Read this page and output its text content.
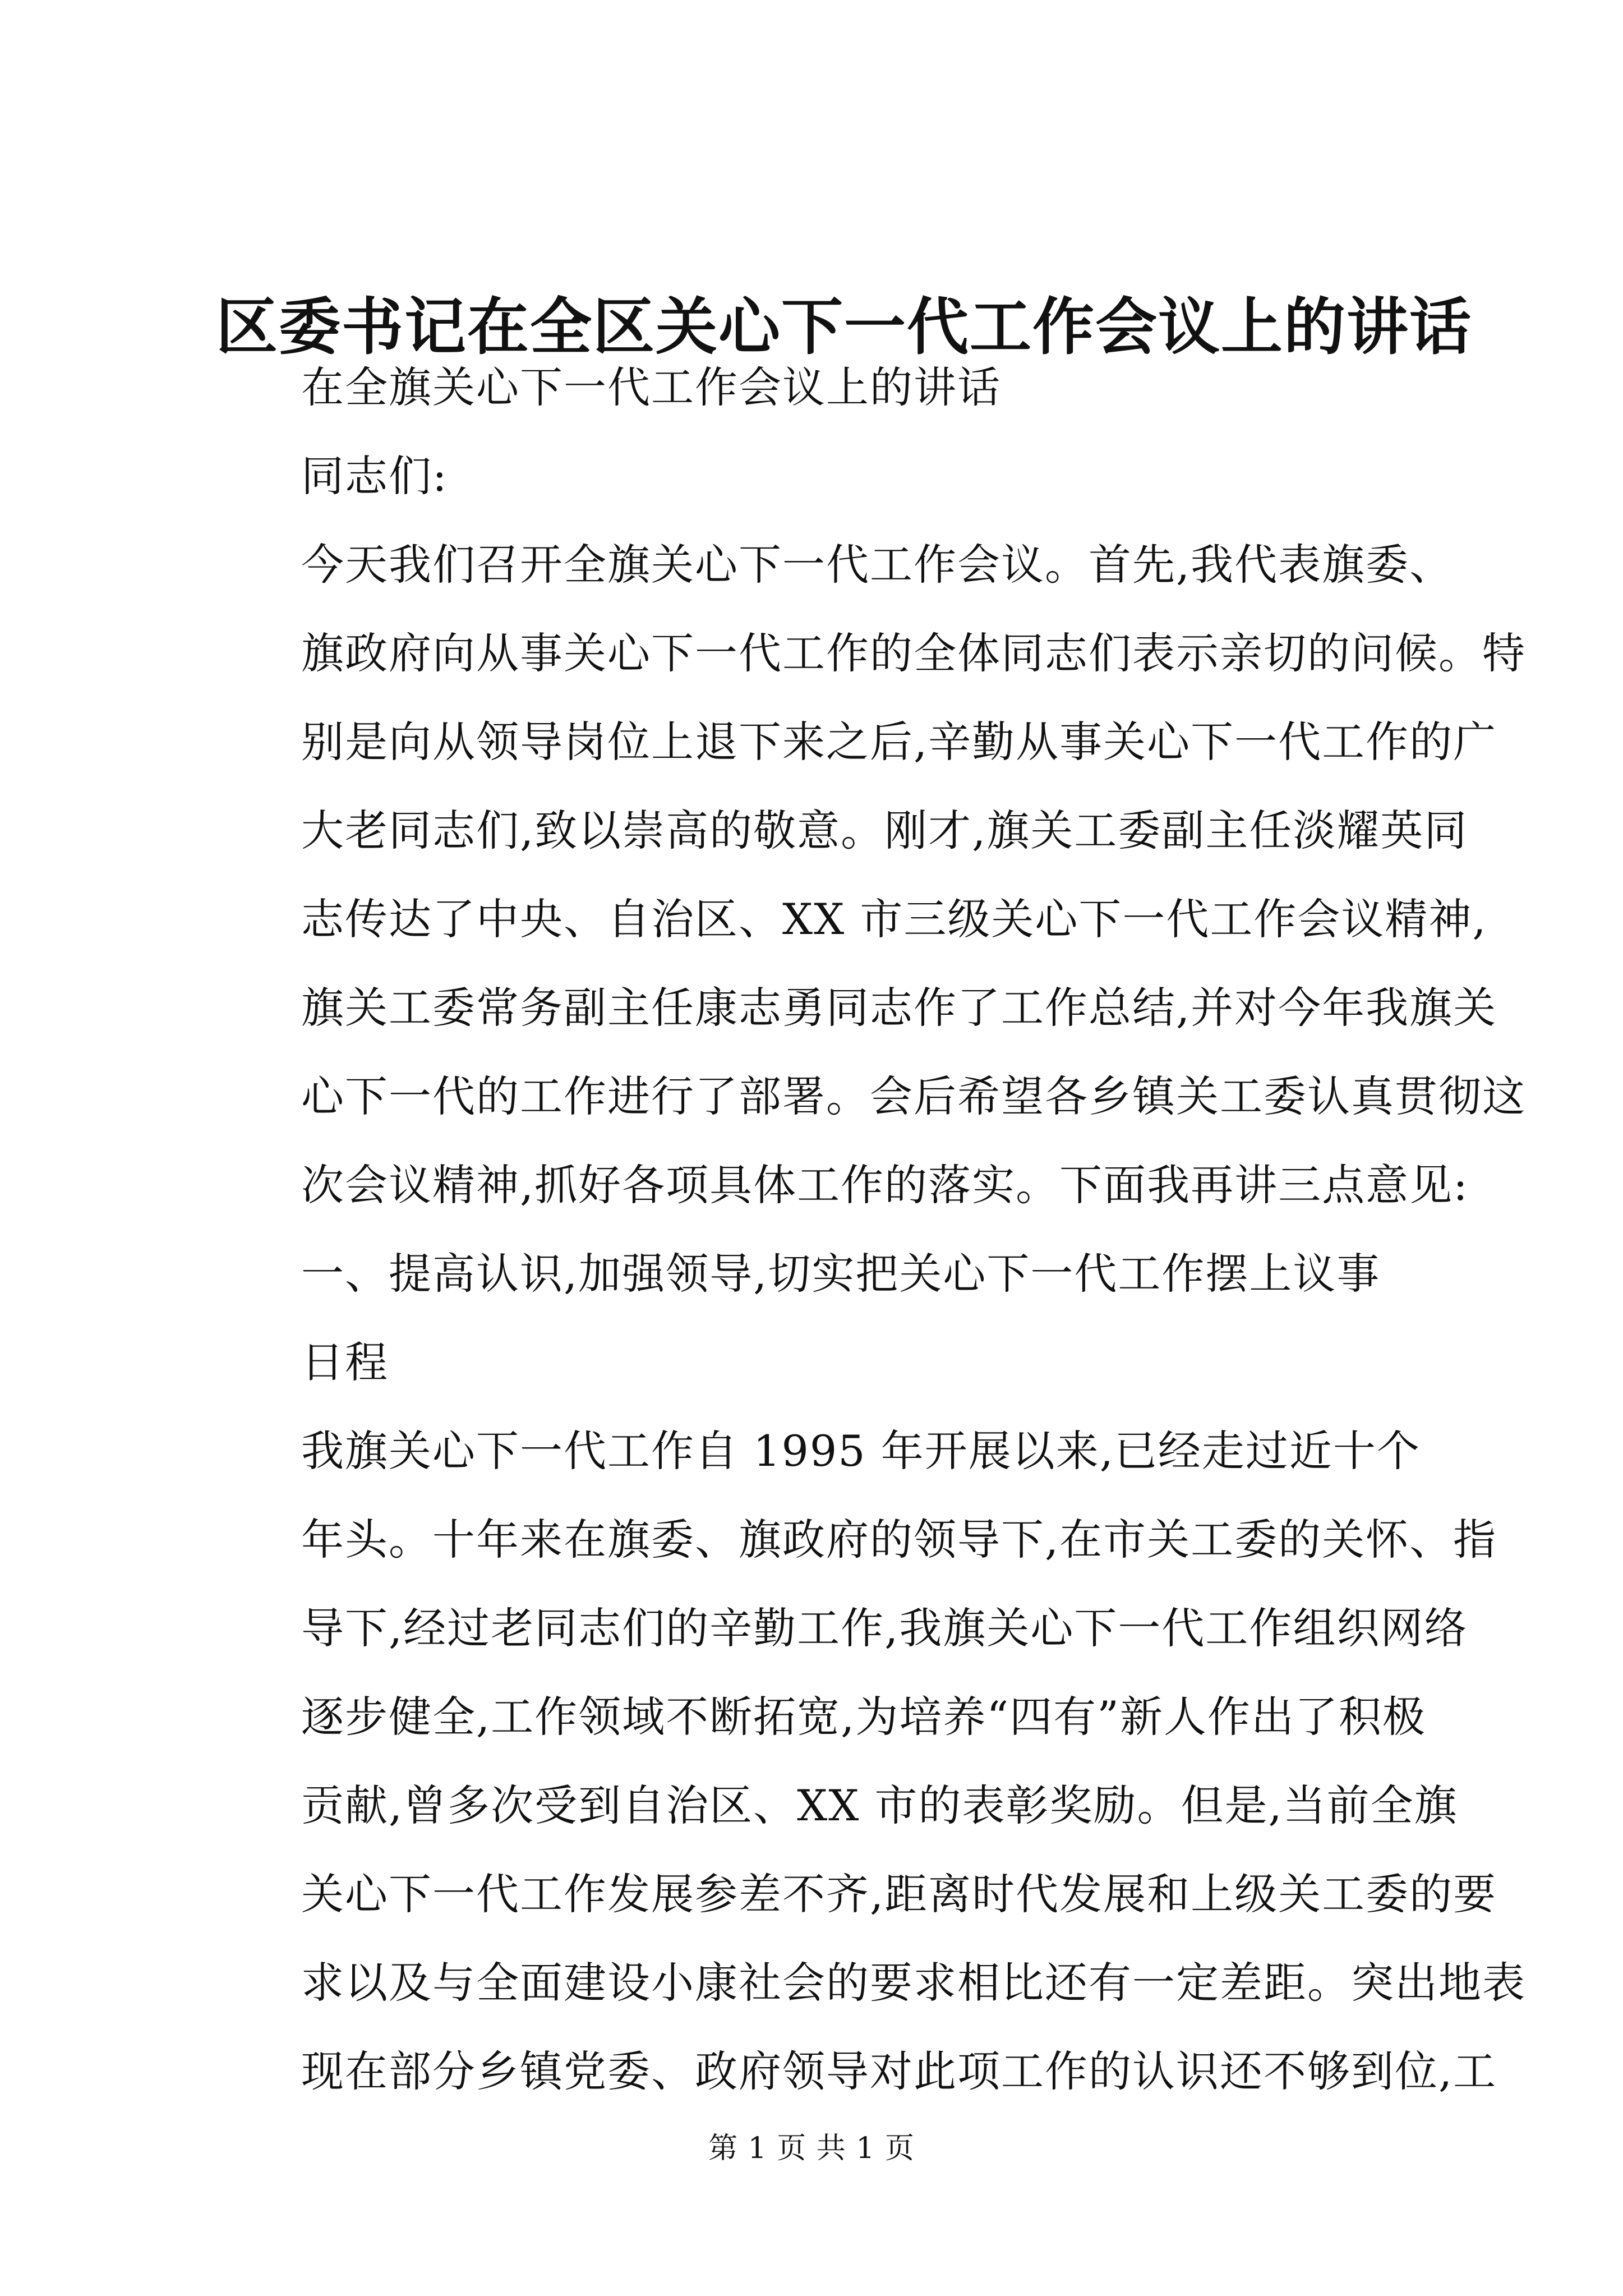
区委书记在全区关心下一代工作会议上的讲话

在全旗关心下一代工作会议上的讲话

同志们:

今天我们召开全旗关心下一代工作会议。首先,我代表旗委、
旗政府向从事关心下一代工作的全体同志们表示亲切的问候。特
别是向从领导岗位上退下来之后,辛勤从事关心下一代工作的广
大老同志们,致以崇高的敬意。刚才,旗关工委副主任淡耀英同
志传达了中央、自治区、XX 市三级关心下一代工作会议精神,
旗关工委常务副主任康志勇同志作了工作总结,并对今年我旗关
心下一代的工作进行了部署。会后希望各乡镇关工委认真贯彻这
次会议精神,抓好各项具体工作的落实。下面我再讲三点意见:

一、提高认识,加强领导,切实把关心下一代工作摆上议事
日程

我旗关心下一代工作自 1995 年开展以来,已经走过近十个
年头。十年来在旗委、旗政府的领导下,在市关工委的关怀、指
导下,经过老同志们的辛勤工作,我旗关心下一代工作组织网络
逐步健全,工作领域不断拓宽,为培养“四有”新人作出了积极
贡献,曾多次受到自治区、XX 市的表彰奖励。但是,当前全旗
关心下一代工作发展参差不齐,距离时代发展和上级关工委的要
求以及与全面建设小康社会的要求相比还有一定差距。突出地表
现在部分乡镇党委、政府领导对此项工作的认识还不够到位,工

第 1 页 共 1 页
